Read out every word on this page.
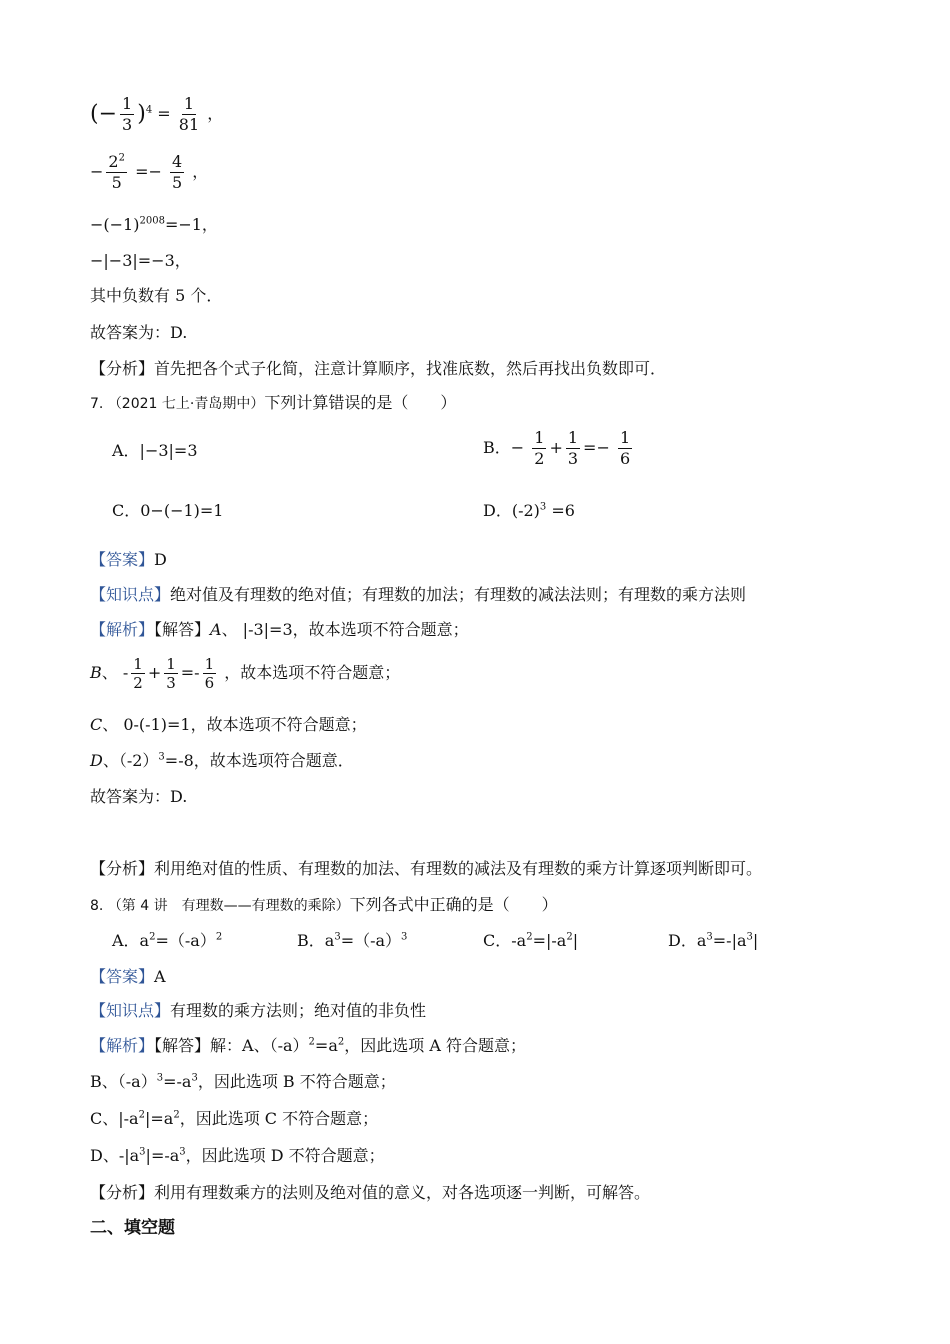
(− $\frac{1}{3} )^4 = \frac{1}{81}$ ，
− $\frac{2^2}{5} =- \frac{4}{5}$ ，
$-(-1)^{2008}=-1$，
−|−3|=−3，
其中负数有 5 个．
故答案为：D.
【分析】首先把各个式子化简，注意计算顺序，找准底数，然后再找出负数即可．
7. （2021 七上·青岛期中）下列计算错误的是（　　）
A．|−3|=3	B．− $\frac{1}{2} + \frac{1}{3} =- \frac{1}{6}$
C．0−(−1)=1	D．$(-2)^3 =6$
【答案】D
【知识点】绝对值及有理数的绝对值；有理数的加法；有理数的减法法则；有理数的乘方法则
【解析】【解答】A、 |-3|=3，故本选项不符合题意；
B、 - $\frac{1}{2} + \frac{1}{3} =- \frac{1}{6}$ ，故本选项不符合题意；
C、 0-(-1)=1，故本选项不符合题意；
D、$(-2)^3=-8$，故本选项符合题意．
故答案为：D.
【分析】利用绝对值的性质、有理数的加法、有理数的减法及有理数的乘方计算逐项判断即可。
8. （第 4 讲　有理数——有理数的乘除）下列各式中正确的是（　　）
A．$a^2=(-a)^2$	B．$a^3=(-a)^3$	C．$-a^2=|-a^2|$	D．$a^3=-|a^3|$
【答案】A
【知识点】有理数的乘方法则；绝对值的非负性
【解析】【解答】解：A、$(-a)^2=a^2$，因此选项 A 符合题意；
B、$(-a)^3=-a^3$，因此选项 B 不符合题意；
C、$|-a^2|=a^2$，因此选项 C 不符合题意；
D、$-|a^3|=-a^3$，因此选项 D 不符合题意；
【分析】利用有理数乘方的法则及绝对值的意义，对各选项逐一判断，可解答。
二、填空题
